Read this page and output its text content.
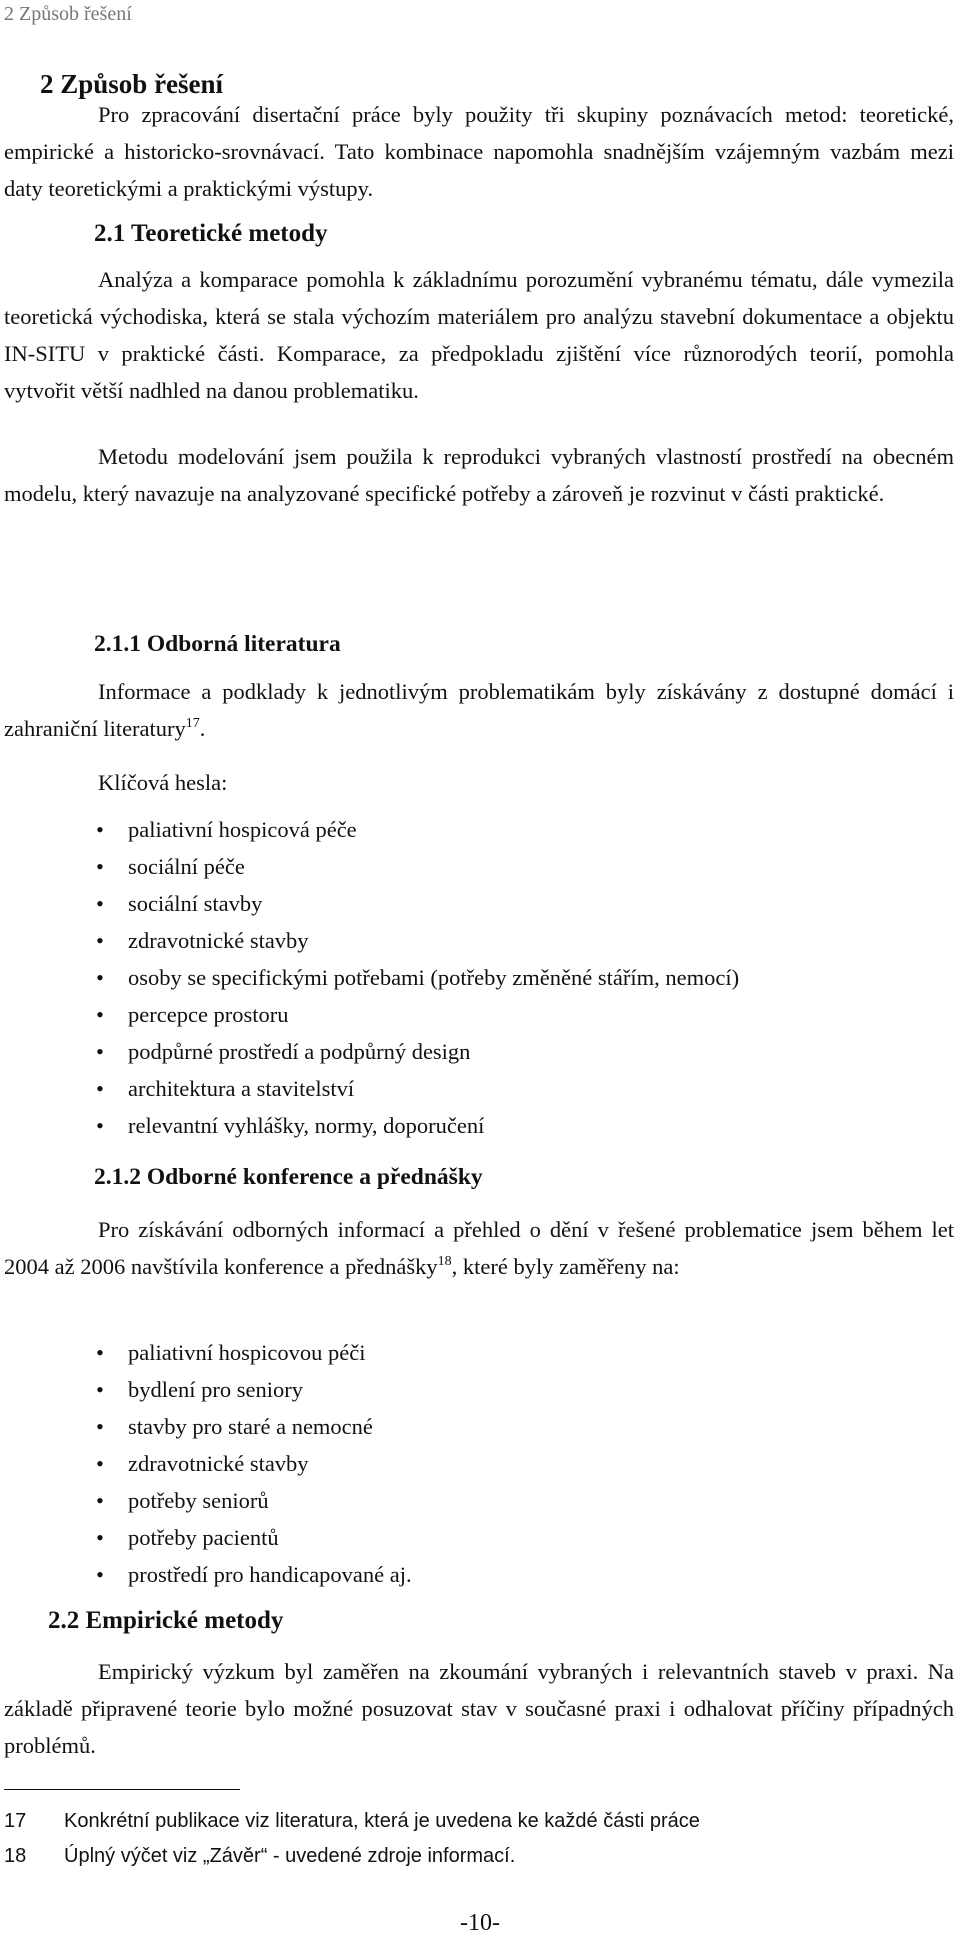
2 Způsob řešení
2 Způsob řešení
Pro zpracování disertační práce byly použity tři skupiny poznávacích metod: teoretické, empirické a historicko-srovnávací. Tato kombinace napomohla snadnějším vzájemným vazbám mezi daty teoretickými a praktickými výstupy.
2.1 Teoretické metody
Analýza a komparace pomohla k základnímu porozumění vybranému tématu, dále vymezila teoretická východiska, která se stala výchozím materiálem pro analýzu stavební dokumentace a objektu IN-SITU v praktické části. Komparace, za předpokladu zjištění více různorodých teorií, pomohla vytvořit větší nadhled na danou problematiku.
Metodu modelování jsem použila k reprodukci vybraných vlastností prostředí na obecném modelu, který navazuje na analyzované specifické potřeby a zároveň je rozvinut v části praktické.
2.1.1 Odborná literatura
Informace a podklady k jednotlivým problematikám byly získávány z dostupné domácí i zahraniční literatury$^{17}$.
Klíčová hesla:
• paliativní hospicová péče
• sociální péče
• sociální stavby
• zdravotnické stavby
• osoby se specifickými potřebami (potřeby změněné stářím, nemocí)
• percepce prostoru
• podpůrné prostředí a podpůrný design
• architektura a stavitelství
• relevantní vyhlášky, normy, doporučení
2.1.2 Odborné konference a přednášky
Pro získávání odborných informací a přehled o dění v řešené problematice jsem během let 2004 až 2006 navštívila konference a přednášky$^{18}$, které byly zaměřeny na:
• paliativní hospicovou péči
• bydlení pro seniory
• stavby pro staré a nemocné
• zdravotnické stavby
• potřeby seniorů
• potřeby pacientů
• prostředí pro handicapované aj.
2.2 Empirické metody
Empirický výzkum byl zaměřen na zkoumání vybraných i relevantních staveb v praxi. Na základě připravené teorie bylo možné posuzovat stav v současné praxi i odhalovat příčiny případných problémů.
17 Konkrétní publikace viz literatura, která je uvedena ke každé části práce
18 Úplný výčet viz „Závěr“ - uvedené zdroje informací.
-10-
